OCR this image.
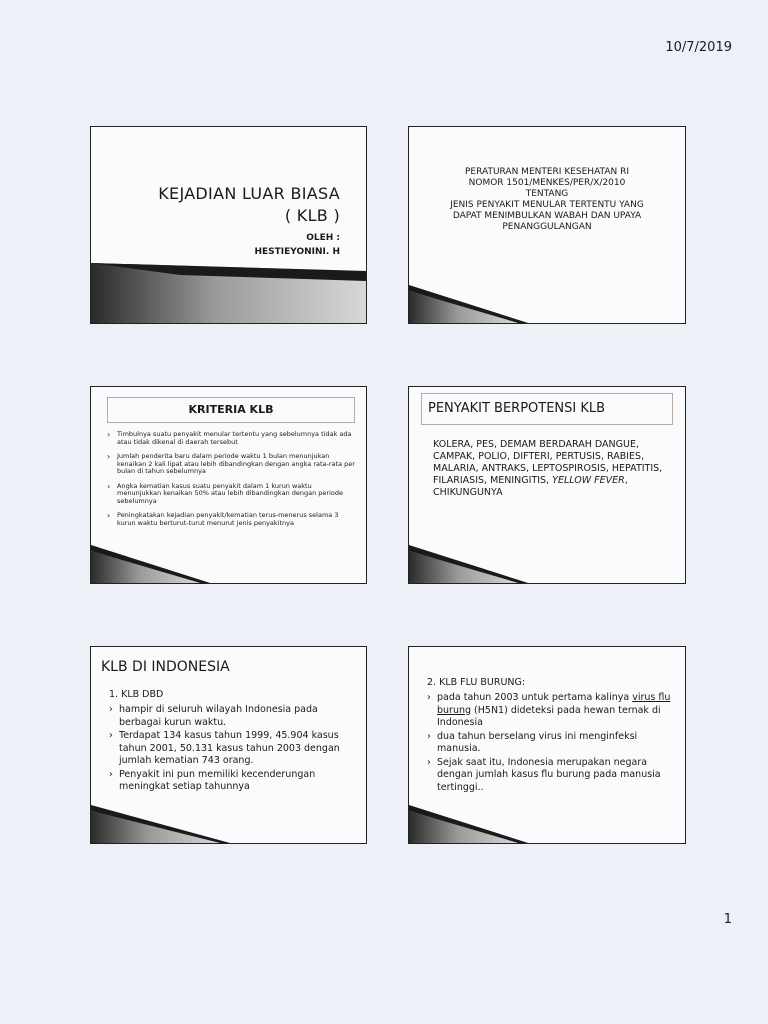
10/7/2019
KEJADIAN LUAR BIASA
( KLB )
OLEH :
HESTIEYONINI. H
PERATURAN MENTERI KESEHATAN RI
NOMOR 1501/MENKES/PER/X/2010
TENTANG
JENIS PENYAKIT MENULAR TERTENTU YANG
DAPAT MENIMBULKAN WABAH DAN UPAYA
PENANGGULANGAN
KRITERIA KLB
› Timbulnya suatu penyakit menular tertentu yang sebelumnya tidak ada atau tidak dikenal di daerah tersebut
› Jumlah penderita baru dalam periode waktu 1 bulan menunjukan kenaikan 2 kali lipat atau lebih dibandingkan dengan angka rata-rata per bulan di tahun sebelumnya
› Angka kematian kasus suatu penyakit dalam 1 kurun waktu menunjukkan kenaikan 50% atau lebih dibandingkan dengan periode sebelumnya
› Peningkatakan kejadian penyakit/kematian terus-menerus selama 3 kurun waktu berturut-turut menurut jenis penyakitnya
PENYAKIT BERPOTENSI KLB
KOLERA, PES, DEMAM BERDARAH DANGUE, CAMPAK, POLIO, DIFTERI, PERTUSIS, RABIES, MALARIA, ANTRAKS, LEPTOSPIROSIS, HEPATITIS, FILARIASIS, MENINGITIS, YELLOW FEVER, CHIKUNGUNYA
KLB DI INDONESIA
1. KLB DBD
› hampir di seluruh wilayah Indonesia pada berbagai kurun waktu.
› Terdapat 134 kasus tahun 1999, 45.904 kasus tahun 2001, 50.131 kasus tahun 2003 dengan jumlah kematian 743 orang.
› Penyakit ini pun memiliki kecenderungan meningkat setiap tahunnya
2. KLB FLU BURUNG:
› pada tahun 2003 untuk pertama kalinya virus flu burung (H5N1) dideteksi pada hewan ternak di Indonesia
› dua tahun berselang virus ini menginfeksi manusia.
› Sejak saat itu, Indonesia merupakan negara dengan jumlah kasus flu burung pada manusia tertinggi..
1
